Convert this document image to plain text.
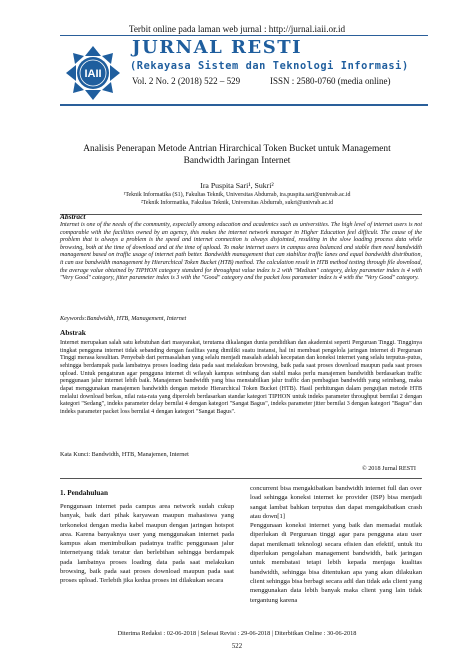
Terbit online pada laman web jurnal : http://jurnal.iaii.or.id
IAII
JURNAL RESTI
(Rekayasa Sistem dan Teknologi Informasi)
Vol. 2 No. 2 (2018) 522 – 529	ISSN : 2580-0760 (media online)
Analisis Penerapan Metode Antrian Hirarchical Token Bucket untuk Management Bandwidth Jaringan Internet
Ira Puspita Sari¹, Sukri²
¹Teknik Informatika (S1), Fakultas Teknik, Universitas Abdurrab, ira.puspita.sari@univrab.ac.id
²Teknik Informatika, Fakultas Teknik, Universitas Abdurrab, sukri@univrab.ac.id
Abstract
Internet is one of the needs of the community, especially among education and academics such as universities. The high level of internet users is not comparable with the facilities owned by an agency, this makes the internet network manager in Higher Education feel difficult. The cause of the problem that is always a problem is the speed and internet connection is always disjointed, resulting in the slow loading process data while browsing, both at the time of download and at the time of upload. To make internet users in campus area balanced and stable then need bandwidth management based on traffic usage of internet path better. Bandwidth management that can stabilize traffic lanes and equal bandwidth distribution, it can use bandwidth management by Hierarchical Token Bucket (HTB) method. The calculation result in HTB method testing through file download, the average value obtained by TIPHON category standard for throughput value index is 2 with "Medium" category, delay parameter index is 4 with "Very Good" category, jitter parameter index is 3 with the "Good" category and the packet loss parameter index is 4 with the "Very Good" category.
Keywords:Bandwidth, HTB, Management, Internet
Abstrak
Internet merupakan salah satu kebutuhan dari masyarakat, terutama dikalangan dunia pendidikan dan akademisi seperti Perguruan Tinggi. Tingginya tingkat pengguna internet tidak sebanding dengan fasilitas yang dimiliki suatu instansi, hal ini membuat pengelola jaringan internet di Perguruan Tinggi merasa kesulitan. Penyebab dari permasalahan yang selalu menjadi masalah adalah kecepatan dan koneksi internet yang selalu terputus-putus, sehingga berdampak pada lambatnya proses loading data pada saat melakukan browsing, baik pada saat proses download maupun pada saat proses upload. Untuk pengaturan agar pengguna internet di wilayah kampus seimbang dan stabil maka perlu manajemen bandwidth berdasarkan traffic penggunaan jalur internet lebih baik. Manajemen bandwidth yang bisa menstabilkan jalur traffic dan pembagian bandwidth yang seimbang, maka dapat menggunakan manajemen bandwidth dengan metode Hierarchical Token Bucket (HTB). Hasil perhitungan dalam pengujian metode HTB melalui download berkas, nilai rata-rata yang diperoleh berdasarkan standar kategori TIPHON untuk indeks parameter throughput bernilai 2 dengan kategori "Sedang", indeks parameter delay bernilai 4 dengan kategori "Sangat Bagus", indeks parameter jitter bernilai 3 dengan kategori "Bagus" dan indeks parameter packet loss bernilai 4 dengan kategori "Sangat Bagus".
Kata Kunci: Bandwidth, HTB, Manajemen, Internet
© 2018 Jurnal RESTI
1. Pendahuluan
Penggunaan internet pada campus area network sudah cukup banyak, baik dari pihak karyawan maupun mahasiswa yang terkoneksi dengan media kabel maupun dengan jaringan hotspot area. Karena banyaknya user yang menggunakan internet pada kampus akan menimbulkan padatnya traffic penggunaan jalur internetyang tidak teratur dan berlebihan sehingga berdampak pada lambatnya proses loading data pada saat melakukan browsing, baik pada saat proses download maupun pada saat proses upload. Terlebih jika kedua proses ini dilakukan secara
concurrent bisa mengakibatkan bandwidth internet full dan over load sehingga koneksi internet ke provider (ISP) bisa menjadi sangat lambat bahkan terputus dan dapat mengakibatkan crash atau down[1]
Penggunaan koneksi internet yang baik dan memadai mutlak diperlukan di Perguruan tinggi agar para pengguna atau user dapat menikmati teknologi secara efisien dan efektif, untuk itu diperlukan pengolahan management bandwidth, baik jaringan untuk membatasi tetapi lebih kepada menjaga kualitas bandwidth, sehingga bisa ditentukan apa yang akan dilakukan client sehingga bisa berbagi secara adil dan tidak ada client yang menggunakan data lebih banyak maka client yang lain tidak tergantung karena
Diterima Redaksi : 02-06-2018 | Selesai Revisi : 29-06-2018 | Diterbitkan Online : 30-06-2018
522
